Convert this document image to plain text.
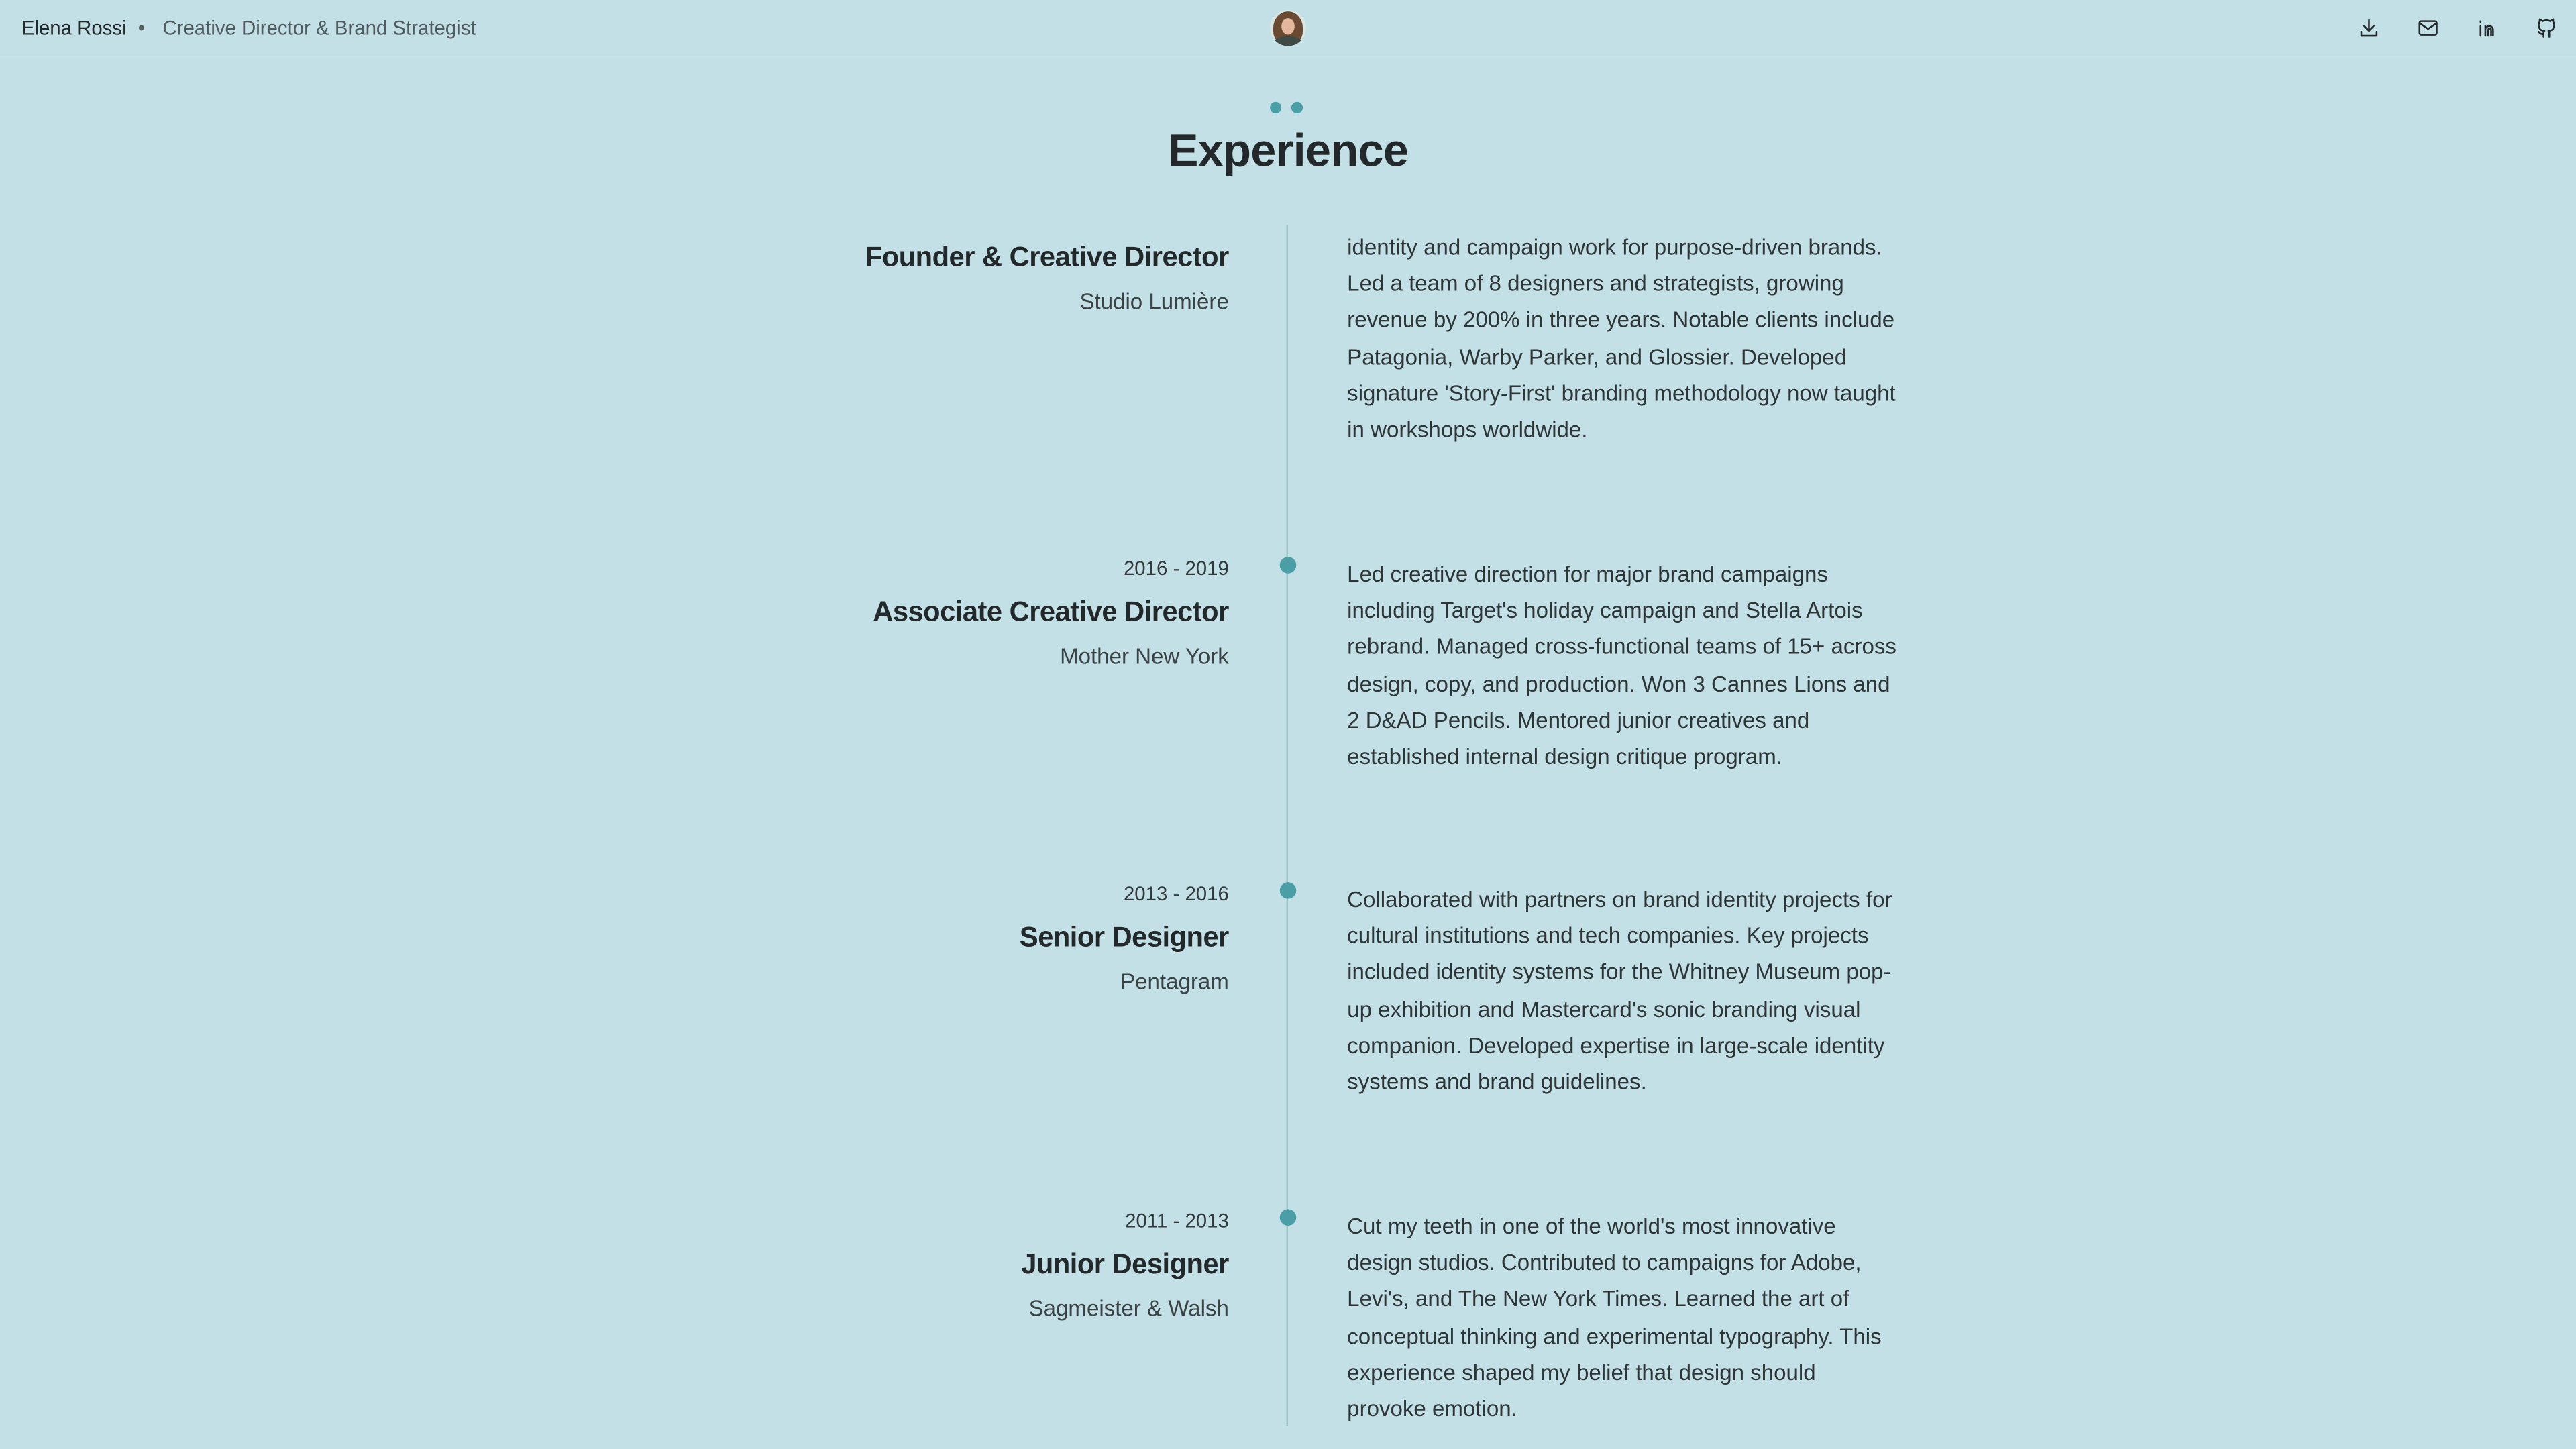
Elena Rossi • Creative Director & Brand Strategist
Experience
Founder & Creative Director
Studio Lumière
identity and campaign work for purpose-driven brands. Led a team of 8 designers and strategists, growing revenue by 200% in three years. Notable clients include Patagonia, Warby Parker, and Glossier. Developed signature 'Story-First' branding methodology now taught in workshops worldwide.
2016 - 2019
Associate Creative Director
Mother New York
Led creative direction for major brand campaigns including Target's holiday campaign and Stella Artois rebrand. Managed cross-functional teams of 15+ across design, copy, and production. Won 3 Cannes Lions and 2 D&AD Pencils. Mentored junior creatives and established internal design critique program.
2013 - 2016
Senior Designer
Pentagram
Collaborated with partners on brand identity projects for cultural institutions and tech companies. Key projects included identity systems for the Whitney Museum pop-up exhibition and Mastercard's sonic branding visual companion. Developed expertise in large-scale identity systems and brand guidelines.
2011 - 2013
Junior Designer
Sagmeister & Walsh
Cut my teeth in one of the world's most innovative design studios. Contributed to campaigns for Adobe, Levi's, and The New York Times. Learned the art of conceptual thinking and experimental typography. This experience shaped my belief that design should provoke emotion.
